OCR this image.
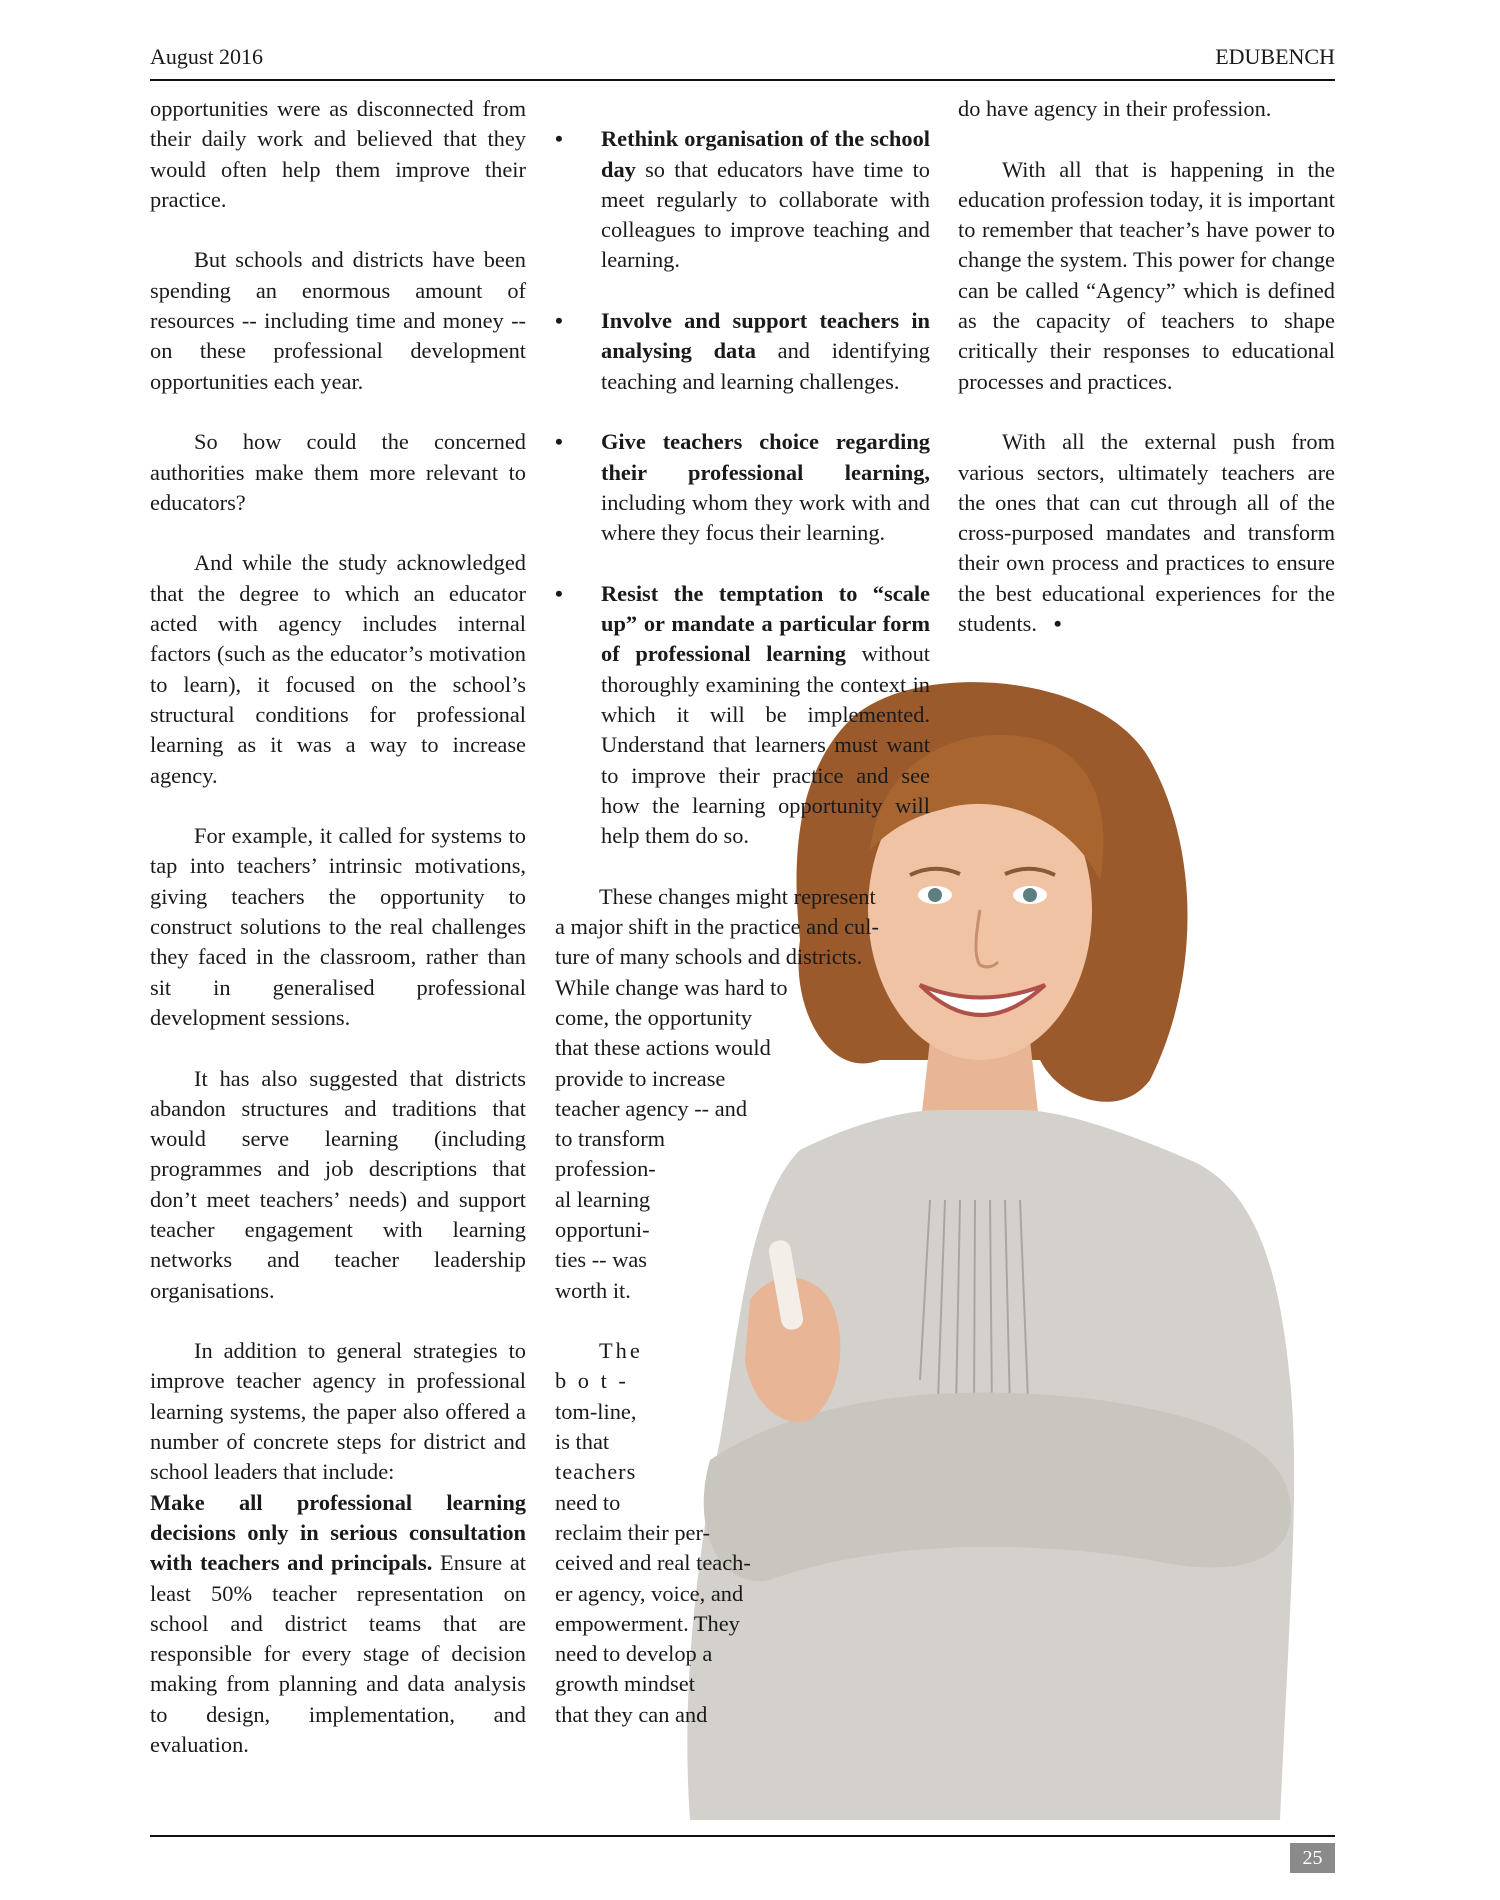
August 2016	EDUBENCH

opportunities were as disconnected from their daily work and believed that they would often help them improve their practice.

But schools and districts have been spending an enormous amount of resources -- including time and money -- on these professional development opportunities each year.

So how could the concerned authorities make them more relevant to educators?

And while the study acknowledged that the degree to which an educator acted with agency includes internal factors (such as the educator’s motivation to learn), it focused on the school’s structural conditions for professional learning as it was a way to increase agency.

For example, it called for systems to tap into teachers’ intrinsic motivations, giving teachers the opportunity to construct solutions to the real challenges they faced in the classroom, rather than sit in generalised professional development sessions.

It has also suggested that districts abandon structures and traditions that would serve learning (including programmes and job descriptions that don’t meet teachers’ needs) and support teacher engagement with learning networks and teacher leadership organisations.

In addition to general strategies to improve teacher agency in professional learning systems, the paper also offered a number of concrete steps for district and school leaders that include:

Make all professional learning decisions only in serious consultation with teachers and principals. Ensure at least 50% teacher representation on school and district teams that are responsible for every stage of decision making from planning and data analysis to design, implementation, and evaluation.

• Rethink organisation of the school day so that educators have time to meet regularly to collaborate with colleagues to improve teaching and learning.
• Involve and support teachers in analysing data and identifying teaching and learning challenges.
• Give teachers choice regarding their professional learning, including whom they work with and where they focus their learning.
• Resist the temptation to “scale up” or mandate a particular form of professional learning without thoroughly examining the context in which it will be implemented. Understand that learners must want to improve their practice and see how the learning opportunity will help them do so.
These changes might represent
a major shift in the practice and cul-
ture of many schools and districts.
While change was hard to
come, the opportunity
that these actions would
provide to increase
teacher agency -- and
to transform
profession-
al learning
opportuni-
ties -- was
worth it.
The
b o t -
tom-line,
is that
teachers
need to
reclaim their per-
ceived and real teach-
er agency, voice, and
empowerment. They
need to develop a
growth mindset
that they can and

do have agency in their profession.

With all that is happening in the education profession today, it is important to remember that teacher’s have power to change the system. This power for change can be called “Agency” which is defined as the capacity of teachers to shape critically their responses to educational processes and practices.

With all the external push from various sectors, ultimately teachers are the ones that can cut through all of the cross-purposed mandates and transform their own process and practices to ensure the best educational experiences for the students. •

25
